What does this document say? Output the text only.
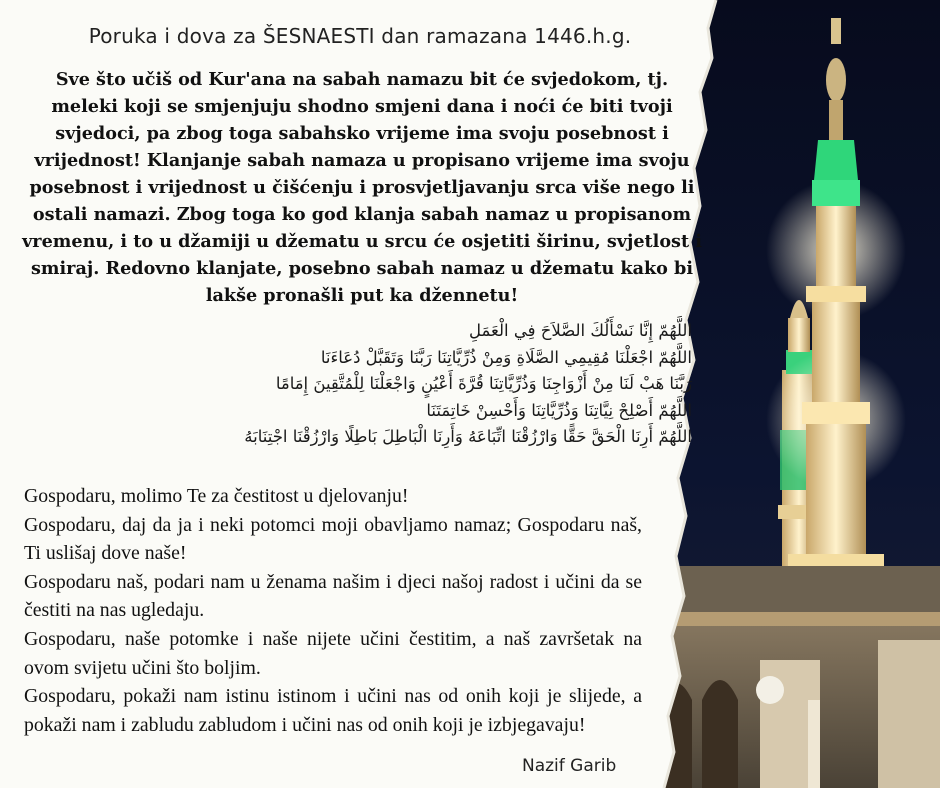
Poruka i dova za ŠESNAESTI dan ramazana 1446.h.g.
Sve što učiš od Kur'ana na sabah namazu bit će svjedokom, tj. meleki koji se smjenjuju shodno smjeni dana i noći će biti tvoji svjedoci, pa zbog toga sabahsko vrijeme ima svoju posebnost i vrijednost! Klanjanje sabah namaza u propisano vrijeme ima svoju posebnost i vrijednost u čišćenju i prosvjetljavanju srca više nego li ostali namazi. Zbog toga ko god klanja sabah namaz u propisanom vremenu, i to u džamiji u džematu u srcu će osjetiti širinu, svjetlost i smiraj. Redovno klanjate, posebno sabah namaz u džematu kako bi lakše pronašli put ka džennetu!
اللَّهُمّ إِنَّا نَسْأَلُكَ الصَّلاَحَ فِي الْعَمَلِ
اللَّهُمّ اجْعَلْنَا مُقِيمِي الصَّلَاةِ وَمِنْ ذُرِّيَّاتِنَا رَبَّنَا وَتَقَبَّلْ دُعَاءَنَا
رَبَّنَا هَبْ لَنَا مِنْ أَزْوَاجِنَا وَذُرِّيَّاتِنَا قُرَّةَ أَعْيُنٍ وَاجْعَلْنَا لِلْمُتَّقِينَ إِمَامًا
اللَّهُمّ أَصْلِحْ نِيَّاتِنَا وَذُرِّيَّاتِنَا وَأَحْسِنْ خَاتِمَتَنَا
اللَّهُمّ أَرِنَا الْحَقَّ حَقًّا وَارْزُقْنَا اتِّبَاعَهُ وَأَرِنَا الْبَاطِلَ بَاطِلًا وَارْزُقْنَا اجْتِنَابَهُ

Gospodaru, molimo Te za čestitost u djelovanju!

Gospodaru, daj da ja i neki potomci moji obavljamo namaz; Gospodaru naš, Ti uslišaj dove naše!

Gospodaru naš, podari nam u ženama našim i djeci našoj radost i učini da se čestiti na nas ugledaju.

Gospodaru, naše potomke i naše nijete učini čestitim, a naš završetak na ovom svijetu učini što boljim.

Gospodaru, pokaži nam istinu istinom i učini nas od onih koji je slijede, a pokaži nam i zabludu zabludom i učini nas od onih koji je izbjegavaju!

Nazif Garib
